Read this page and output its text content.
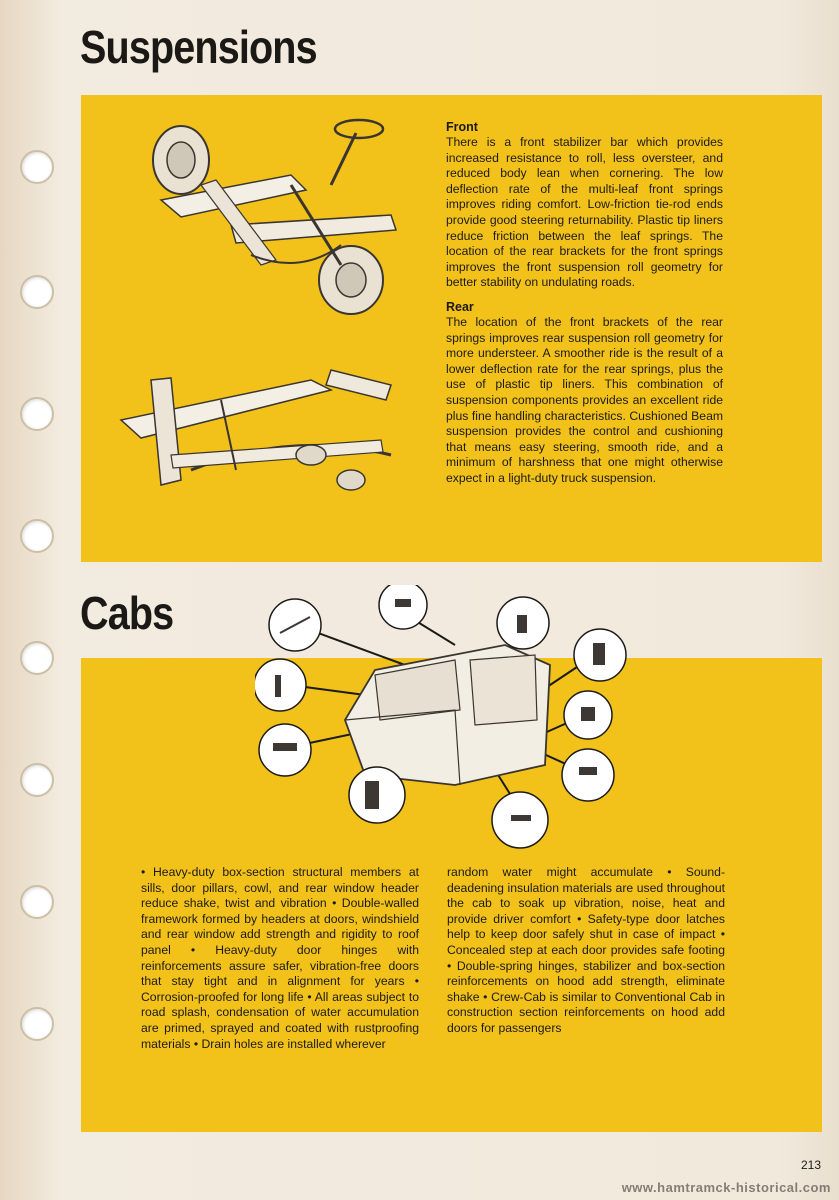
Suspensions

Front

There is a front stabilizer bar which provides increased resistance to roll, less oversteer, and reduced body lean when cornering. The low deflection rate of the multi-leaf front springs improves riding comfort. Low-friction tie-rod ends provide good steering returnability. Plastic tip liners reduce friction between the leaf springs. The location of the rear brackets for the front springs improves the front suspension roll geometry for better stability on undulating roads.

Rear

The location of the front brackets of the rear springs improves rear suspension roll geometry for more understeer. A smoother ride is the result of a lower deflection rate for the rear springs, plus the use of plastic tip liners. This combination of suspension components provides an excellent ride plus fine handling characteristics. Cushioned Beam suspension provides the control and cushioning that means easy steering, smooth ride, and a minimum of harshness that one might otherwise expect in a light-duty truck suspension.

Cabs

• Heavy-duty box-section structural members at sills, door pillars, cowl, and rear window header reduce shake, twist and vibration • Double-walled framework formed by headers at doors, windshield and rear window add strength and rigidity to roof panel • Heavy-duty door hinges with reinforcements assure safer, vibration-free doors that stay tight and in alignment for years • Corrosion-proofed for long life • All areas subject to road splash, condensation of water accumulation are primed, sprayed and coated with rustproofing materials • Drain holes are installed wherever

random water might accumulate • Sound-deadening insulation materials are used throughout the cab to soak up vibration, noise, heat and provide driver comfort • Safety-type door latches help to keep door safely shut in case of impact • Concealed step at each door provides safe footing • Double-spring hinges, stabilizer and box-section reinforcements on hood add strength, eliminate shake • Crew-Cab is similar to Conventional Cab in construction section reinforcements on hood add doors for passengers

213
www.hamtramck-historical.com
